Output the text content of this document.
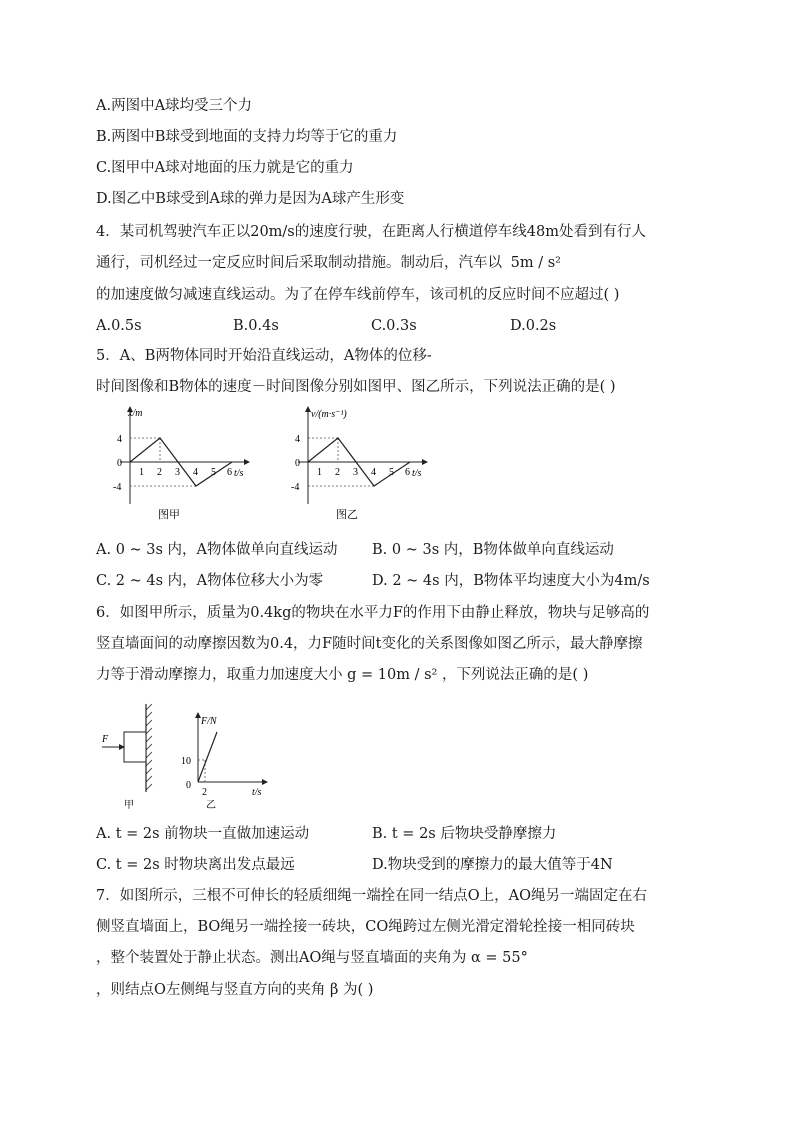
A.两图中A球均受三个力
B.两图中B球受到地面的支持力均等于它的重力
C.图甲中A球对地面的压力就是它的重力
D.图乙中B球受到A球的弹力是因为A球产生形变
4．某司机驾驶汽车正以20m/s的速度行驶，在距离人行横道停车线48m处看到有行人
通行，司机经过一定反应时间后采取制动措施。制动后，汽车以 5m / s²
的加速度做匀减速直线运动。为了在停车线前停车，该司机的反应时间不应超过( )
A.0.5s	B.0.4s	C.0.3s	D.0.2s
5．A、B两物体同时开始沿直线运动，A物体的位移-
时间图像和B物体的速度－时间图像分别如图甲、图乙所示，下列说法正确的是( )
x/m
t/s
4
0
-4
1 2 3 4 5 6
图甲
v/(m·s⁻¹)
t/s
4
0
-4
1 2 3 4 5 6
图乙
A. 0 ~ 3s 内，A物体做单向直线运动 B. 0 ~ 3s 内，B物体做单向直线运动
C. 2 ~ 4s 内，A物体位移大小为零	D. 2 ~ 4s 内，B物体平均速度大小为4m/s
6．如图甲所示，质量为0.4kg的物块在水平力F的作用下由静止释放，物块与足够高的
竖直墙面间的动摩擦因数为0.4，力F随时间t变化的关系图像如图乙所示，最大静摩擦
力等于滑动摩擦力，取重力加速度大小 g = 10m / s² ，下列说法正确的是( )
F
甲
F/N
t/s
10
2
0
乙
A. t = 2s 前物块一直做加速运动	B. t = 2s 后物块受静摩擦力
C. t = 2s 时物块离出发点最远	D.物块受到的摩擦力的最大值等于4N
7．如图所示，三根不可伸长的轻质细绳一端拴在同一结点O上，AO绳另一端固定在右
侧竖直墙面上，BO绳另一端拴接一砖块，CO绳跨过左侧光滑定滑轮拴接一相同砖块
，整个装置处于静止状态。测出AO绳与竖直墙面的夹角为 α = 55°
，则结点O左侧绳与竖直方向的夹角 β 为( )
